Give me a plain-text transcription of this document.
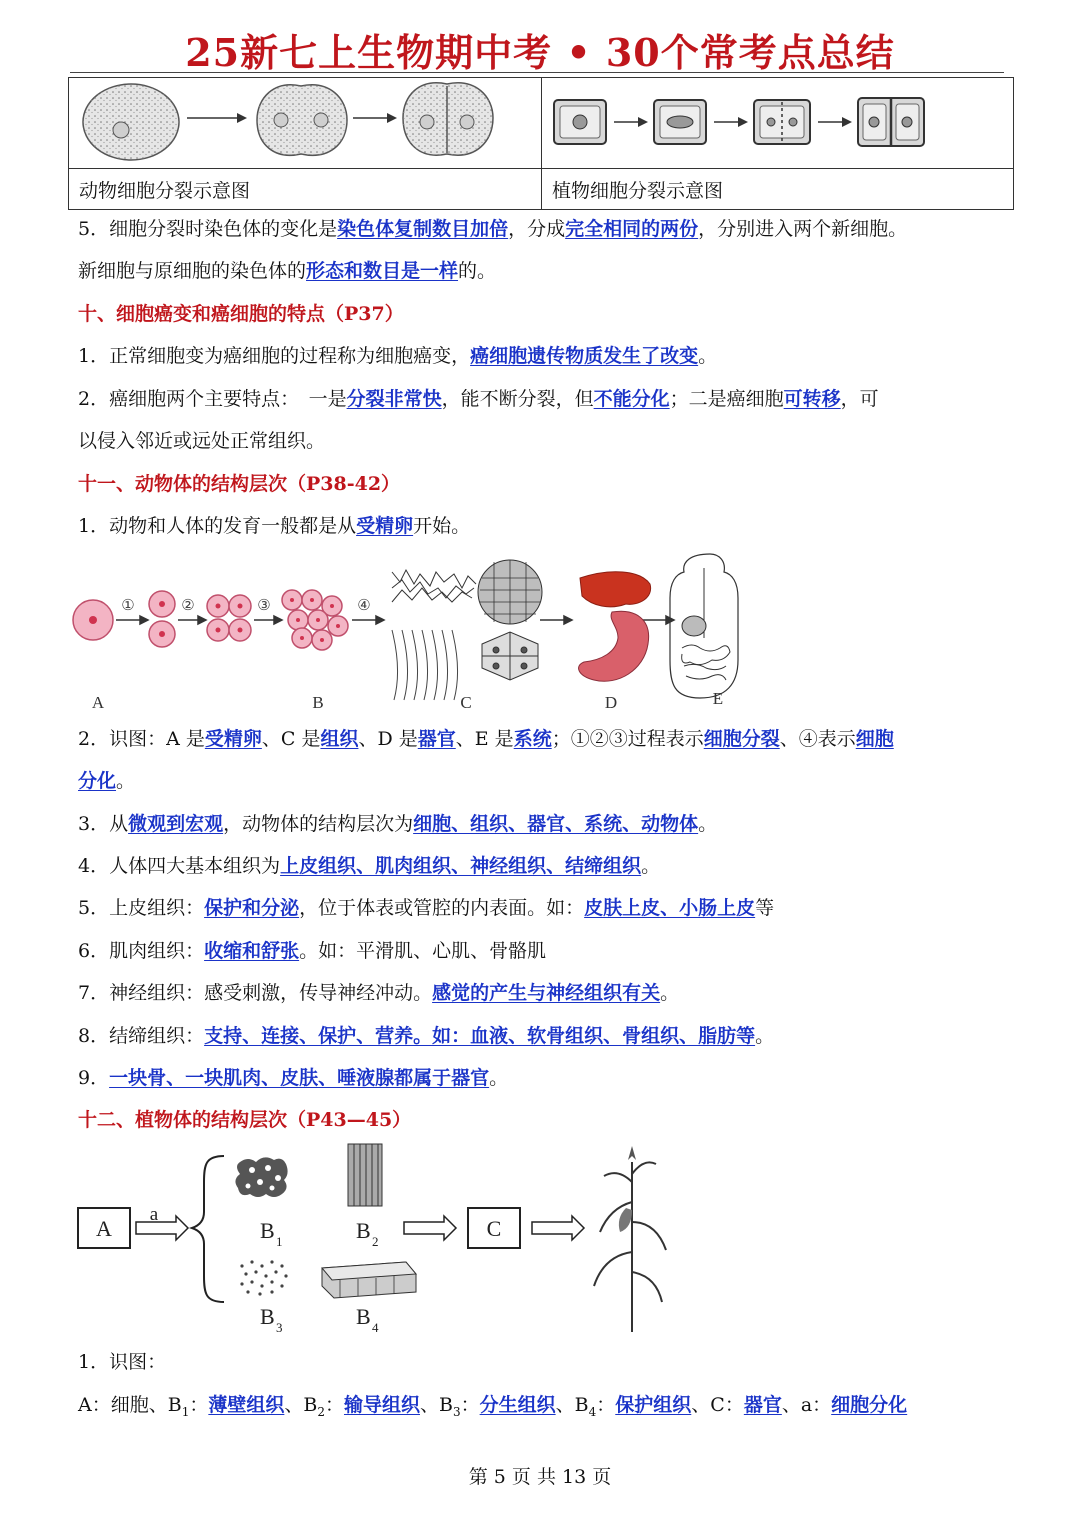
25新七上生物期中考 • 30个常考点总结

动物细胞分裂示意图	植物细胞分裂示意图
5．细胞分裂时染色体的变化是染色体复制数目加倍，分成完全相同的两份，分别进入两个新细胞。
新细胞与原细胞的染色体的形态和数目是一样的。
十、细胞癌变和癌细胞的特点（P37）
1．正常细胞变为癌细胞的过程称为细胞癌变，癌细胞遗传物质发生了改变。
2．癌细胞两个主要特点：　一是分裂非常快，能不断分裂，但不能分化；二是癌细胞可转移，可
以侵入邻近或远处正常组织。
十一、动物体的结构层次（P38-42）
1．动物和人体的发育一般都是从受精卵开始。
①	②	③	④
A	B	C	D	E
2．识图：A 是受精卵、C 是组织、D 是器官、E 是系统；①②③过程表示细胞分裂、④表示细胞
分化。
3．从微观到宏观，动物体的结构层次为细胞、组织、器官、系统、动物体。
4．人体四大基本组织为上皮组织、肌肉组织、神经组织、结缔组织。
5．上皮组织：保护和分泌，位于体表或管腔的内表面。如：皮肤上皮、小肠上皮等
6．肌肉组织：收缩和舒张。如：平滑肌、心肌、骨骼肌
7．神经组织：感受刺激，传导神经冲动。感觉的产生与神经组织有关。
8．结缔组织：支持、连接、保护、营养。如：血液、软骨组织、骨组织、脂肪等。
9．一块骨、一块肌肉、皮肤、唾液腺都属于器官。
十二、植物体的结构层次（P43—45）
A
a
B 1	B 2
B 3	B 4
C
1．识图：
A：细胞、$B_1$：薄壁组织、$B_2$：输导组织、$B_3$：分生组织、$B_4$：保护组织、C：器官、a：细胞分化
第 5 页 共 13 页
